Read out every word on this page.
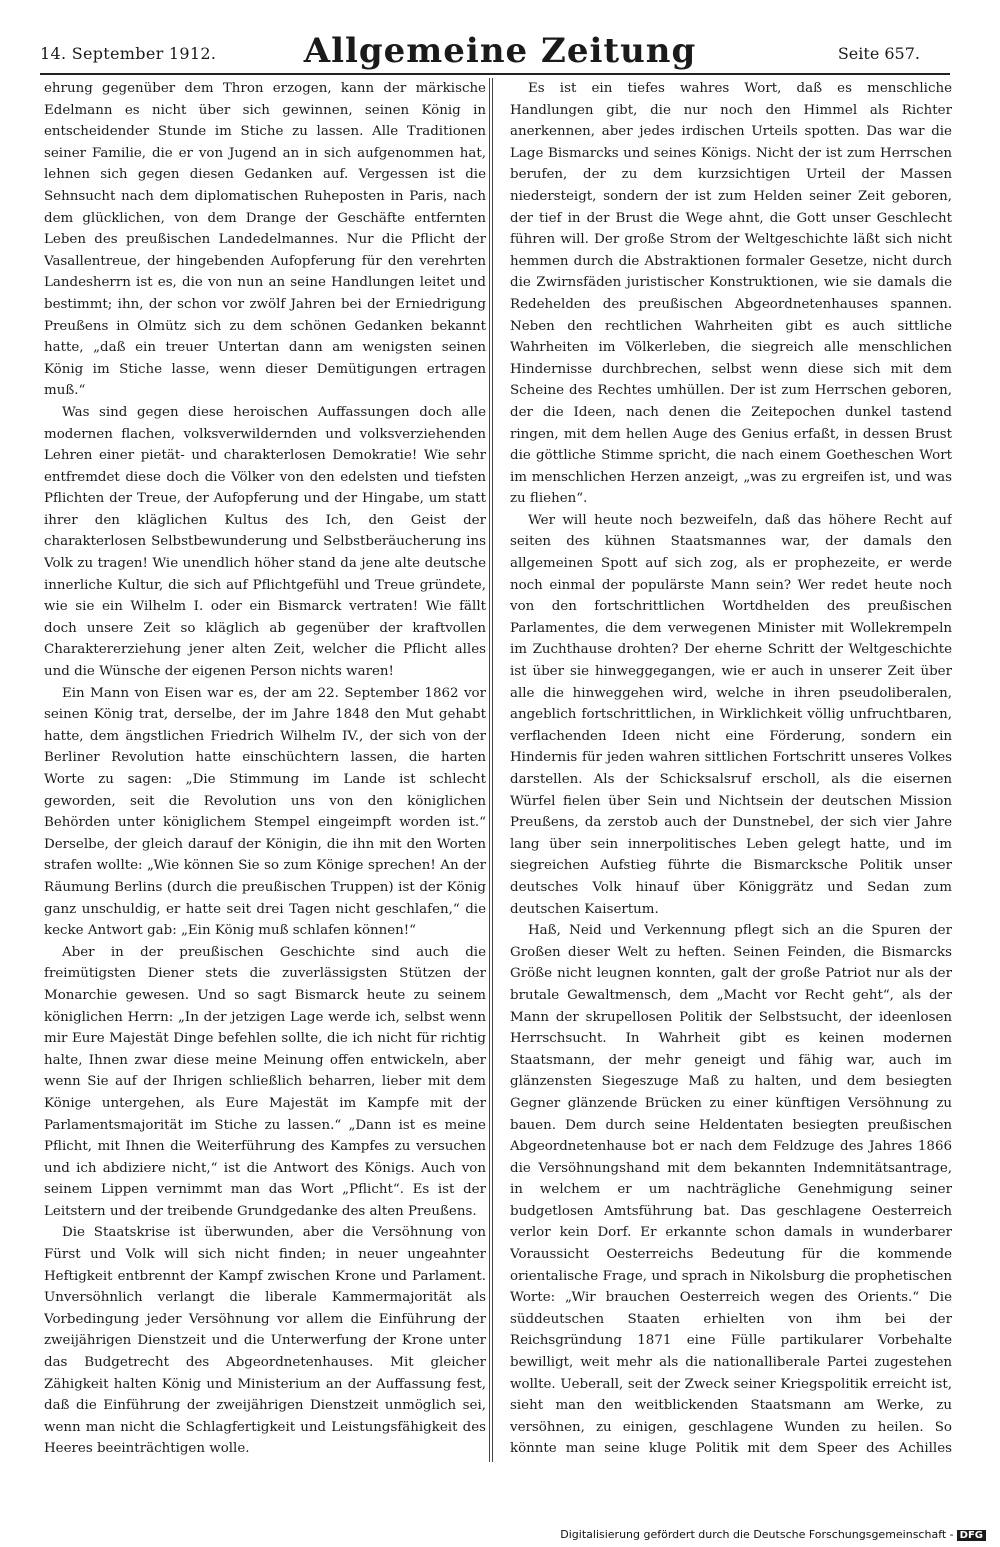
14. September 1912.	Allgemeine Zeitung	Seite 657.

ehrung gegenüber dem Thron erzogen, kann der märkische Edelmann es nicht über sich gewinnen, seinen König in entscheidender Stunde im Stiche zu lassen. Alle Traditionen seiner Familie, die er von Jugend an in sich aufgenommen hat, lehnen sich gegen diesen Gedanken auf. Vergessen ist die Sehnsucht nach dem diplomatischen Ruheposten in Paris, nach dem glücklichen, von dem Drange der Geschäfte entfernten Leben des preußischen Landedelmannes. Nur die Pflicht der Vasallentreue, der hingebenden Aufopferung für den verehrten Landesherrn ist es, die von nun an seine Handlungen leitet und bestimmt; ihn, der schon vor zwölf Jahren bei der Erniedrigung Preußens in Olmütz sich zu dem schönen Gedanken bekannt hatte, „daß ein treuer Untertan dann am wenigsten seinen König im Stiche lasse, wenn dieser Demütigungen ertragen muß.“

Was sind gegen diese heroischen Auffassungen doch alle modernen flachen, volksverwildernden und volksverziehenden Lehren einer pietät- und charakterlosen Demokratie! Wie sehr entfremdet diese doch die Völker von den edelsten und tiefsten Pflichten der Treue, der Aufopferung und der Hingabe, um statt ihrer den kläglichen Kultus des Ich, den Geist der charakterlosen Selbstbewunderung und Selbstberäucherung ins Volk zu tragen! Wie unendlich höher stand da jene alte deutsche innerliche Kultur, die sich auf Pflichtgefühl und Treue gründete, wie sie ein Wilhelm I. oder ein Bismarck vertraten! Wie fällt doch unsere Zeit so kläglich ab gegenüber der kraftvollen Charaktererziehung jener alten Zeit, welcher die Pflicht alles und die Wünsche der eigenen Person nichts waren!

Ein Mann von Eisen war es, der am 22. September 1862 vor seinen König trat, derselbe, der im Jahre 1848 den Mut gehabt hatte, dem ängstlichen Friedrich Wilhelm IV., der sich von der Berliner Revolution hatte einschüchtern lassen, die harten Worte zu sagen: „Die Stimmung im Lande ist schlecht geworden, seit die Revolution uns von den königlichen Behörden unter königlichem Stempel eingeimpft worden ist.“ Derselbe, der gleich darauf der Königin, die ihn mit den Worten strafen wollte: „Wie können Sie so zum Könige sprechen! An der Räumung Berlins (durch die preußischen Truppen) ist der König ganz unschuldig, er hatte seit drei Tagen nicht geschlafen,“ die kecke Antwort gab: „Ein König muß schlafen können!“

Aber in der preußischen Geschichte sind auch die freimütigsten Diener stets die zuverlässigsten Stützen der Monarchie gewesen. Und so sagt Bismarck heute zu seinem königlichen Herrn: „In der jetzigen Lage werde ich, selbst wenn mir Eure Majestät Dinge befehlen sollte, die ich nicht für richtig halte, Ihnen zwar diese meine Meinung offen entwickeln, aber wenn Sie auf der Ihrigen schließlich beharren, lieber mit dem Könige untergehen, als Eure Majestät im Kampfe mit der Parlamentsmajorität im Stiche zu lassen.“ „Dann ist es meine Pflicht, mit Ihnen die Weiterführung des Kampfes zu versuchen und ich abdiziere nicht,“ ist die Antwort des Königs. Auch von seinem Lippen vernimmt man das Wort „Pflicht“. Es ist der Leitstern und der treibende Grundgedanke des alten Preußens.

Die Staatskrise ist überwunden, aber die Versöhnung von Fürst und Volk will sich nicht finden; in neuer ungeahnter Heftigkeit entbrennt der Kampf zwischen Krone und Parlament. Unversöhnlich verlangt die liberale Kammermajorität als Vorbedingung jeder Versöhnung vor allem die Einführung der zweijährigen Dienstzeit und die Unterwerfung der Krone unter das Budgetrecht des Abgeordnetenhauses. Mit gleicher Zähigkeit halten König und Ministerium an der Auffassung fest, daß die Einführung der zweijährigen Dienstzeit unmöglich sei, wenn man nicht die Schlagfertigkeit und Leistungsfähigkeit des Heeres beeinträchtigen wolle.

Es ist ein tiefes wahres Wort, daß es menschliche Handlungen gibt, die nur noch den Himmel als Richter anerkennen, aber jedes irdischen Urteils spotten. Das war die Lage Bismarcks und seines Königs. Nicht der ist zum Herrschen berufen, der zu dem kurzsichtigen Urteil der Massen niedersteigt, sondern der ist zum Helden seiner Zeit geboren, der tief in der Brust die Wege ahnt, die Gott unser Geschlecht führen will. Der große Strom der Weltgeschichte läßt sich nicht hemmen durch die Abstraktionen formaler Gesetze, nicht durch die Zwirnsfäden juristischer Konstruktionen, wie sie damals die Redehelden des preußischen Abgeordnetenhauses spannen. Neben den rechtlichen Wahrheiten gibt es auch sittliche Wahrheiten im Völkerleben, die siegreich alle menschlichen Hindernisse durchbrechen, selbst wenn diese sich mit dem Scheine des Rechtes umhüllen. Der ist zum Herrschen geboren, der die Ideen, nach denen die Zeitepochen dunkel tastend ringen, mit dem hellen Auge des Genius erfaßt, in dessen Brust die göttliche Stimme spricht, die nach einem Goetheschen Wort im menschlichen Herzen anzeigt, „was zu ergreifen ist, und was zu fliehen“.

Wer will heute noch bezweifeln, daß das höhere Recht auf seiten des kühnen Staatsmannes war, der damals den allgemeinen Spott auf sich zog, als er prophezeite, er werde noch einmal der populärste Mann sein? Wer redet heute noch von den fortschrittlichen Wortdhelden des preußischen Parlamentes, die dem verwegenen Minister mit Wollekrempeln im Zuchthause drohten? Der eherne Schritt der Weltgeschichte ist über sie hinweggegangen, wie er auch in unserer Zeit über alle die hinweggehen wird, welche in ihren pseudoliberalen, angeblich fortschrittlichen, in Wirklichkeit völlig unfruchtbaren, verflachenden Ideen nicht eine Förderung, sondern ein Hindernis für jeden wahren sittlichen Fortschritt unseres Volkes darstellen. Als der Schicksalsruf erscholl, als die eisernen Würfel fielen über Sein und Nichtsein der deutschen Mission Preußens, da zerstob auch der Dunstnebel, der sich vier Jahre lang über sein innerpolitisches Leben gelegt hatte, und im siegreichen Aufstieg führte die Bismarcksche Politik unser deutsches Volk hinauf über Königgrätz und Sedan zum deutschen Kaisertum.

Haß, Neid und Verkennung pflegt sich an die Spuren der Großen dieser Welt zu heften. Seinen Feinden, die Bismarcks Größe nicht leugnen konnten, galt der große Patriot nur als der brutale Gewaltmensch, dem „Macht vor Recht geht“, als der Mann der skrupellosen Politik der Selbstsucht, der ideenlosen Herrschsucht. In Wahrheit gibt es keinen modernen Staatsmann, der mehr geneigt und fähig war, auch im glänzensten Siegeszuge Maß zu halten, und dem besiegten Gegner glänzende Brücken zu einer künftigen Versöhnung zu bauen. Dem durch seine Heldentaten besiegten preußischen Abgeordnetenhause bot er nach dem Feldzuge des Jahres 1866 die Versöhnungshand mit dem bekannten Indemnitätsantrage, in welchem er um nachträgliche Genehmigung seiner budgetlosen Amtsführung bat. Das geschlagene Oesterreich verlor kein Dorf. Er erkannte schon damals in wunderbarer Voraussicht Oesterreichs Bedeutung für die kommende orientalische Frage, und sprach in Nikolsburg die prophetischen Worte: „Wir brauchen Oesterreich wegen des Orients.“ Die süddeutschen Staaten erhielten von ihm bei der Reichsgründung 1871 eine Fülle partikularer Vorbehalte bewilligt, weit mehr als die nationalliberale Partei zugestehen wollte. Ueberall, seit der Zweck seiner Kriegspolitik erreicht ist, sieht man den weitblickenden Staatsmann am Werke, zu versöhnen, zu einigen, geschlagene Wunden zu heilen. So könnte man seine kluge Politik mit dem Speer des Achilles

Digitalisierung gefördert durch die Deutsche Forschungsgemeinschaft - DFG
